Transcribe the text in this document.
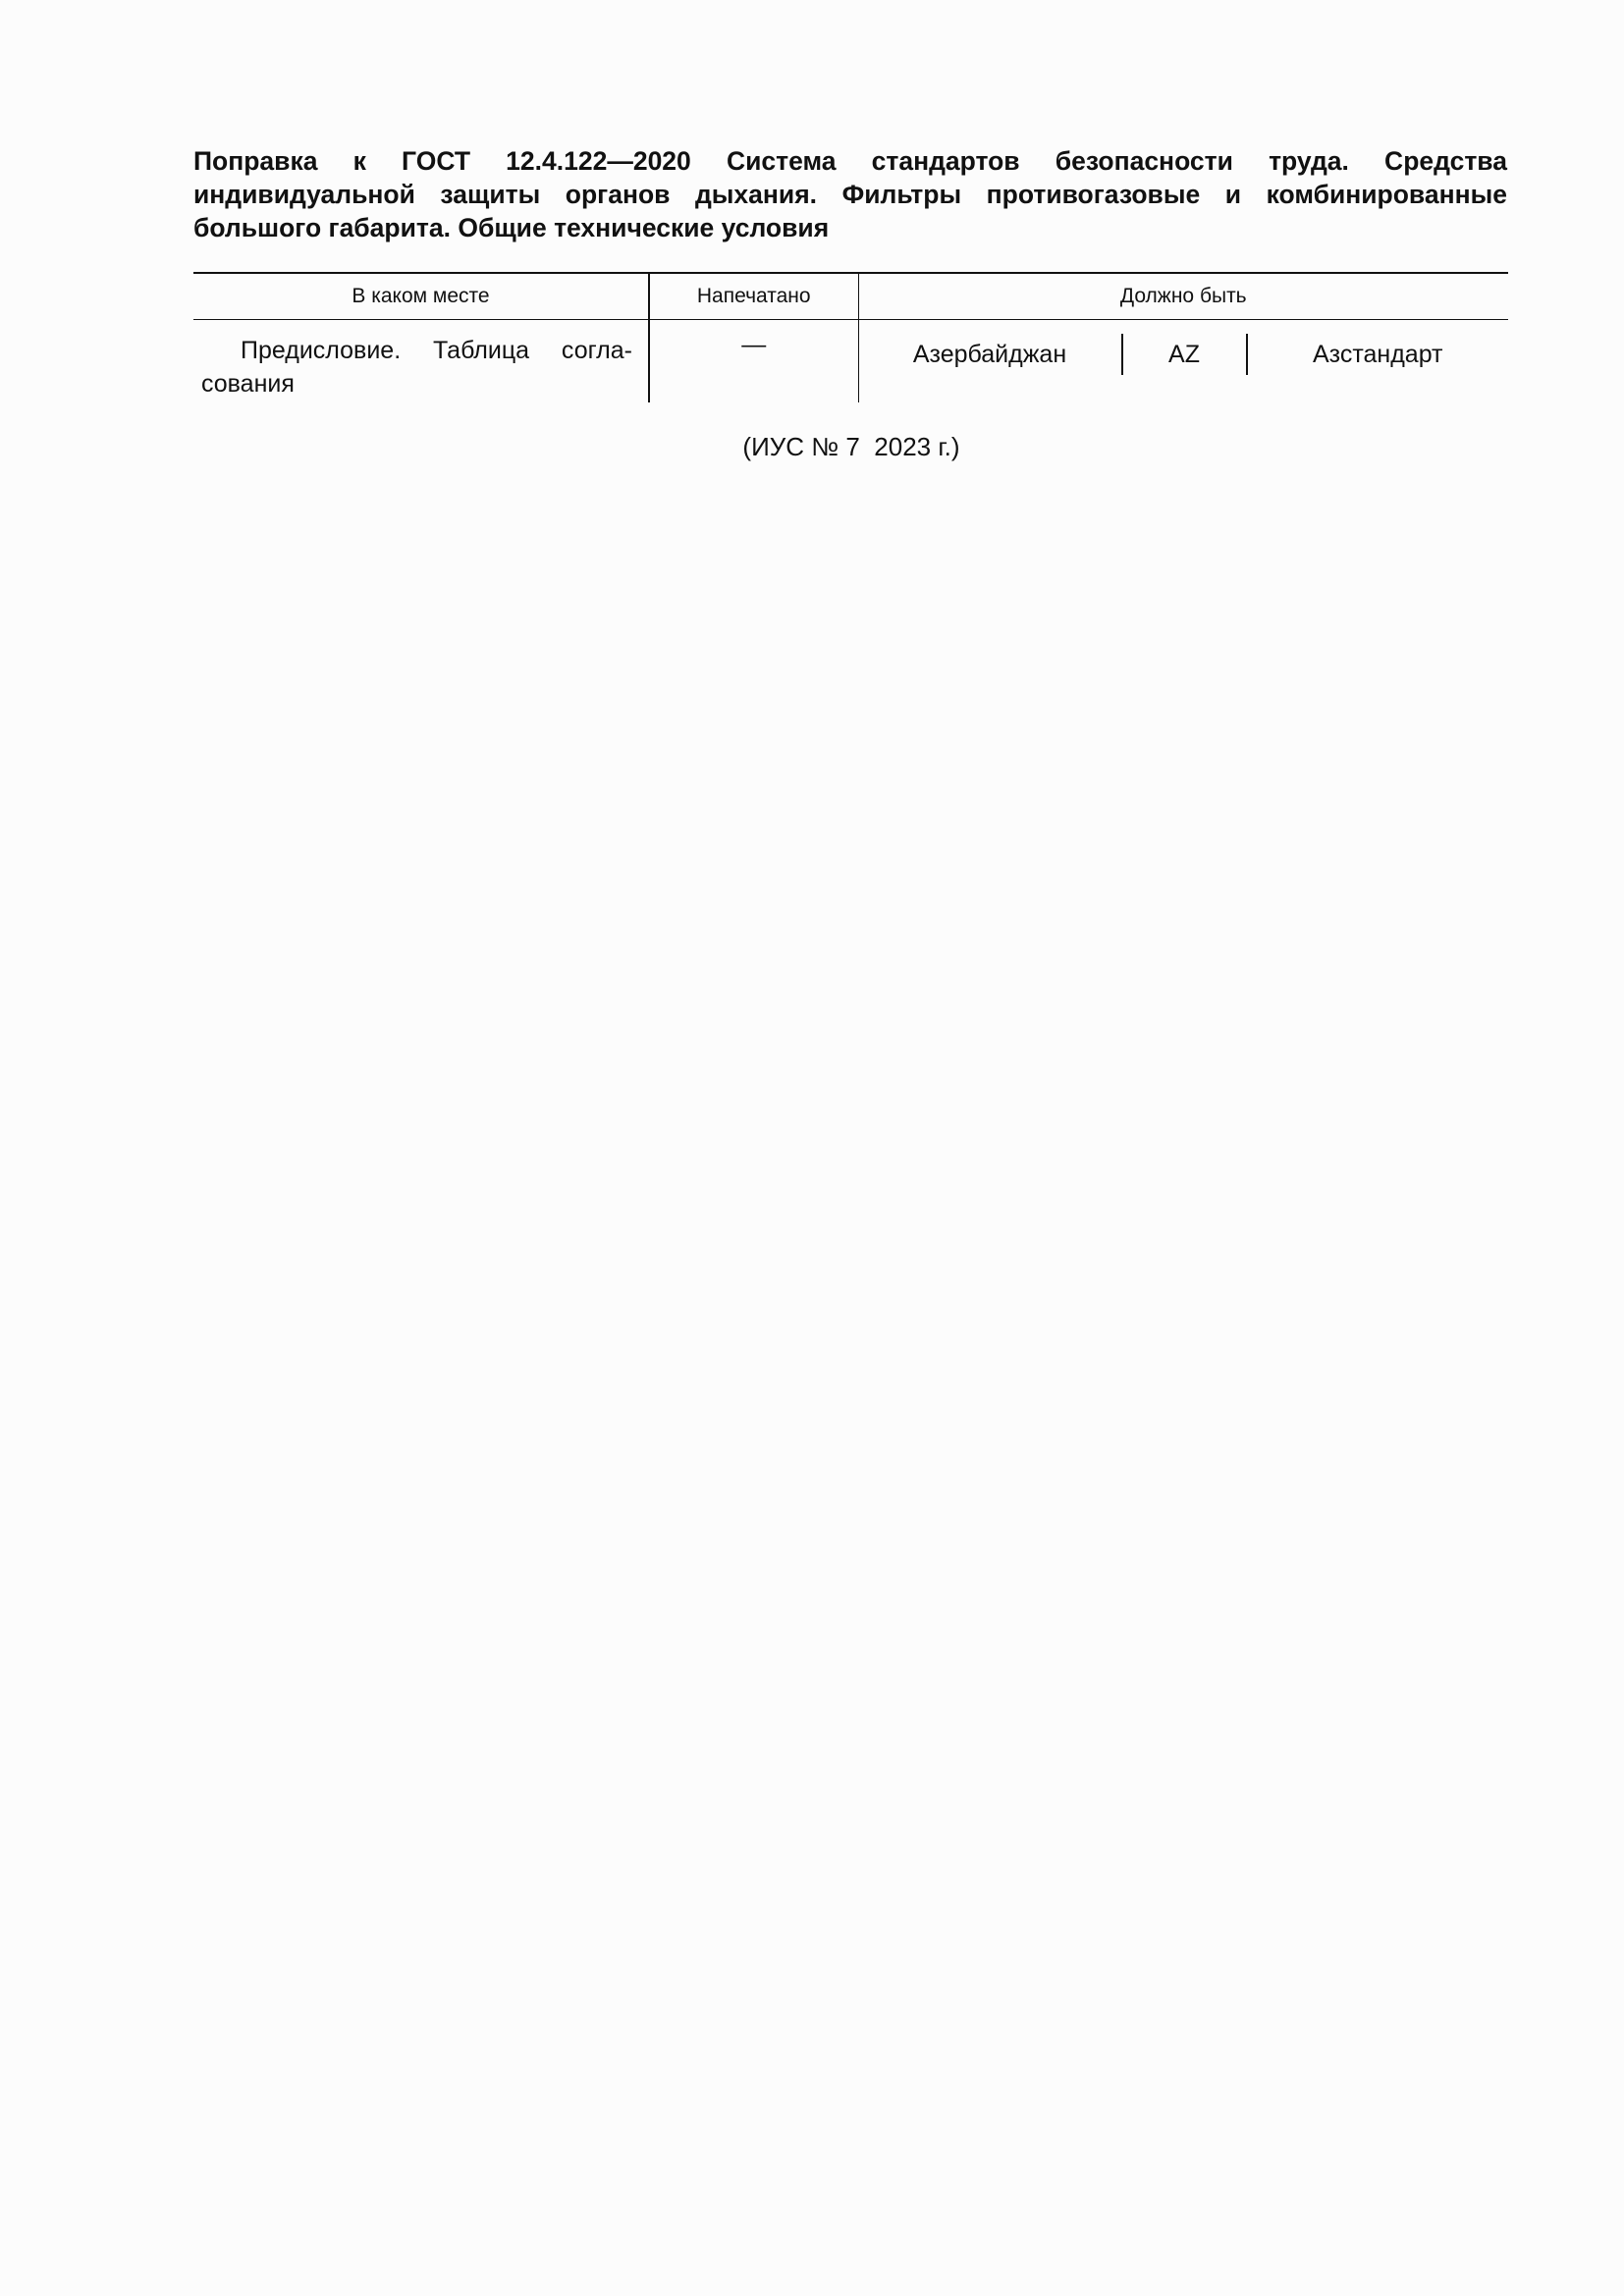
Поправка к ГОСТ 12.4.122—2020 Система стандартов безопасности труда. Средства индивидуальной защиты органов дыхания. Фильтры противогазовые и комбинированные большого габарита. Общие технические условия
В каком месте	Напечатано	Должно быть
Предисловие. Таблица согла-сования	—	Азербайджан AZ Азстандарт
(ИУС № 7  2023 г.)
